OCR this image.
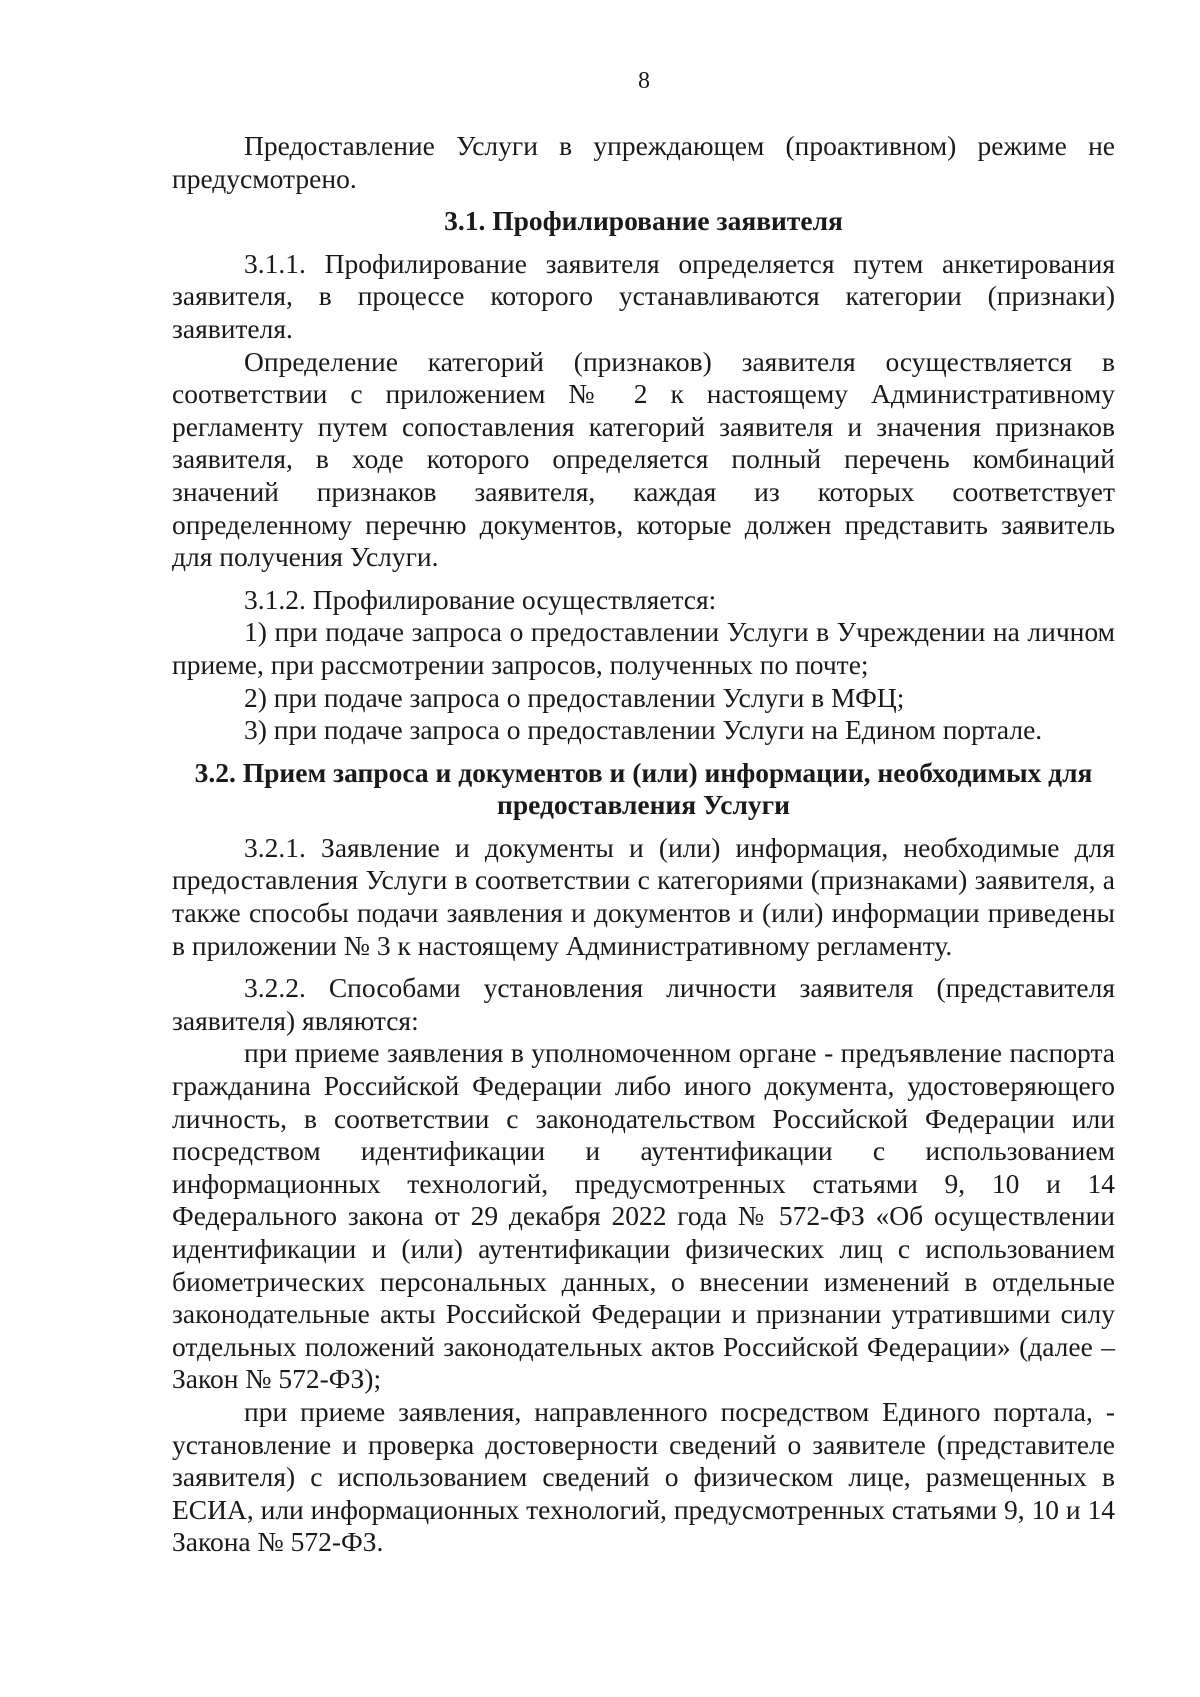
8

Предоставление Услуги в упреждающем (проактивном) режиме не предусмотрено.

3.1. Профилирование заявителя

3.1.1. Профилирование заявителя определяется путем анкетирования заявителя, в процессе которого устанавливаются категории (признаки) заявителя.

Определение категорий (признаков) заявителя осуществляется в соответствии с приложением № 2 к настоящему Административному регламенту путем сопоставления категорий заявителя и значения признаков заявителя, в ходе которого определяется полный перечень комбинаций значений признаков заявителя, каждая из которых соответствует определенному перечню документов, которые должен представить заявитель для получения Услуги.

3.1.2. Профилирование осуществляется:

1) при подаче запроса о предоставлении Услуги в Учреждении на личном приеме, при рассмотрении запросов, полученных по почте;

2) при подаче запроса о предоставлении Услуги в МФЦ;

3) при подаче запроса о предоставлении Услуги на Едином портале.

3.2. Прием запроса и документов и (или) информации, необходимых для предоставления Услуги

3.2.1. Заявление и документы и (или) информация, необходимые для предоставления Услуги в соответствии с категориями (признаками) заявителя, а также способы подачи заявления и документов и (или) информации приведены в приложении № 3 к настоящему Административному регламенту.

3.2.2. Способами установления личности заявителя (представителя заявителя) являются:

при приеме заявления в уполномоченном органе - предъявление паспорта гражданина Российской Федерации либо иного документа, удостоверяющего личность, в соответствии с законодательством Российской Федерации или посредством идентификации и аутентификации с использованием информационных технологий, предусмотренных статьями 9, 10 и 14 Федерального закона от 29 декабря 2022 года № 572-ФЗ «Об осуществлении идентификации и (или) аутентификации физических лиц с использованием биометрических персональных данных, о внесении изменений в отдельные законодательные акты Российской Федерации и признании утратившими силу отдельных положений законодательных актов Российской Федерации» (далее – Закон № 572-ФЗ);

при приеме заявления, направленного посредством Единого портала, - установление и проверка достоверности сведений о заявителе (представителе заявителя) с использованием сведений о физическом лице, размещенных в ЕСИА, или информационных технологий, предусмотренных статьями 9, 10 и 14 Закона № 572-ФЗ.
